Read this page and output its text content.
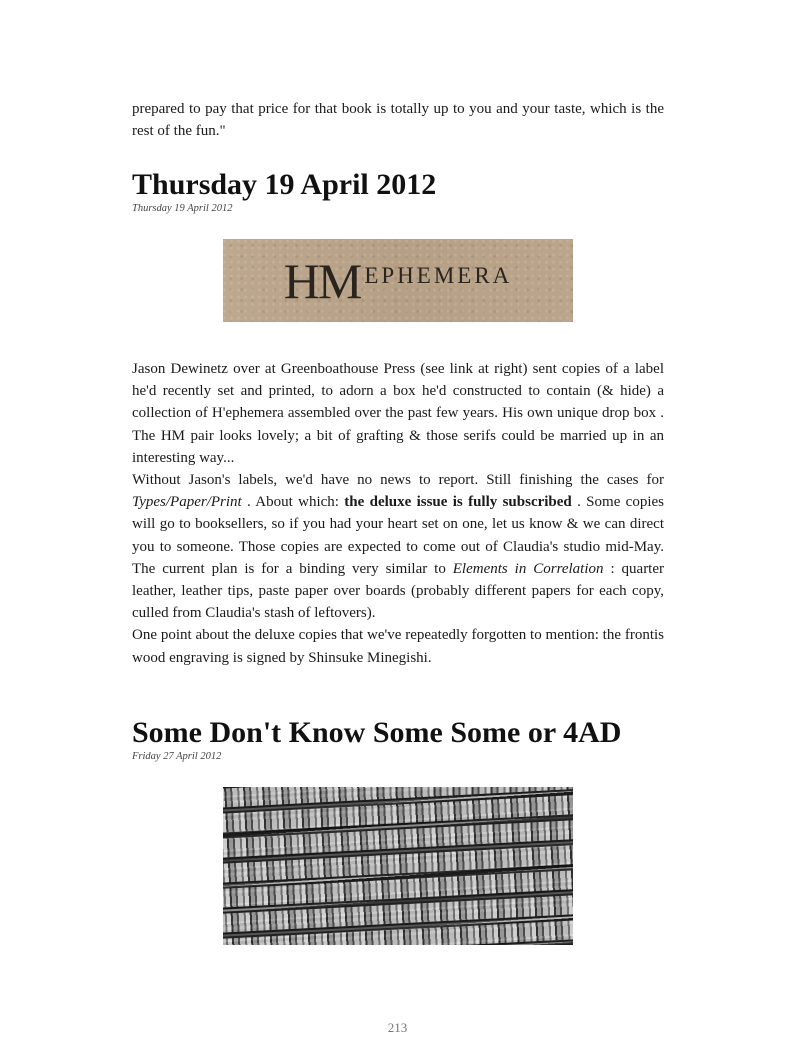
prepared to pay that price for that book is totally up to you and your taste, which is the rest of the fun."

Thursday 19 April 2012

Thursday 19 April 2012

HM EPHEMERA

Jason Dewinetz over at Greenboathouse Press (see link at right) sent copies of a label he'd recently set and printed, to adorn a box he'd constructed to contain (& hide) a collection of H'ephemera assembled over the past few years. His own unique drop box . The HM pair looks lovely; a bit of grafting & those serifs could be married up in an interesting way...

Without Jason's labels, we'd have no news to report. Still finishing the cases for Types/Paper/Print . About which: the deluxe issue is fully subscribed . Some copies will go to booksellers, so if you had your heart set on one, let us know & we can direct you to someone. Those copies are expected to come out of Claudia's studio mid-May. The current plan is for a binding very similar to Elements in Correlation : quarter leather, leather tips, paste paper over boards (probably different papers for each copy, culled from Claudia's stash of leftovers).

One point about the deluxe copies that we've repeatedly forgotten to mention: the frontis wood engraving is signed by Shinsuke Minegishi.

Some Don't Know Some Some or 4AD

Friday 27 April 2012

213
